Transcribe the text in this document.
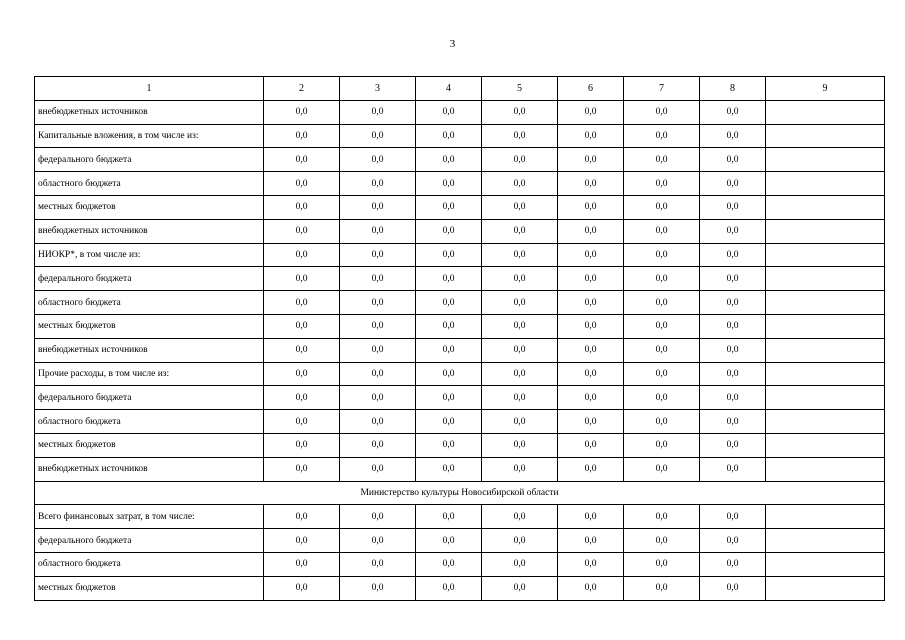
3
1	2	3	4	5	6	7	8	9
внебюджетных источников	0,0	0,0	0,0	0,0	0,0	0,0	0,0	
Капитальные вложения, в том числе из:	0,0	0,0	0,0	0,0	0,0	0,0	0,0	
федерального бюджета	0,0	0,0	0,0	0,0	0,0	0,0	0,0	
областного бюджета	0,0	0,0	0,0	0,0	0,0	0,0	0,0	
местных бюджетов	0,0	0,0	0,0	0,0	0,0	0,0	0,0	
внебюджетных источников	0,0	0,0	0,0	0,0	0,0	0,0	0,0	
НИОКР*, в том числе из:	0,0	0,0	0,0	0,0	0,0	0,0	0,0	
федерального бюджета	0,0	0,0	0,0	0,0	0,0	0,0	0,0	
областного бюджета	0,0	0,0	0,0	0,0	0,0	0,0	0,0	
местных бюджетов	0,0	0,0	0,0	0,0	0,0	0,0	0,0	
внебюджетных источников	0,0	0,0	0,0	0,0	0,0	0,0	0,0	
Прочие расходы, в том числе из:	0,0	0,0	0,0	0,0	0,0	0,0	0,0	
федерального бюджета	0,0	0,0	0,0	0,0	0,0	0,0	0,0	
областного бюджета	0,0	0,0	0,0	0,0	0,0	0,0	0,0	
местных бюджетов	0,0	0,0	0,0	0,0	0,0	0,0	0,0	
внебюджетных источников	0,0	0,0	0,0	0,0	0,0	0,0	0,0	
Министерство культуры Новосибирской области								
Всего финансовых затрат, в том числе:	0,0	0,0	0,0	0,0	0,0	0,0	0,0	
федерального бюджета	0,0	0,0	0,0	0,0	0,0	0,0	0,0	
областного бюджета	0,0	0,0	0,0	0,0	0,0	0,0	0,0	
местных бюджетов	0,0	0,0	0,0	0,0	0,0	0,0	0,0	
